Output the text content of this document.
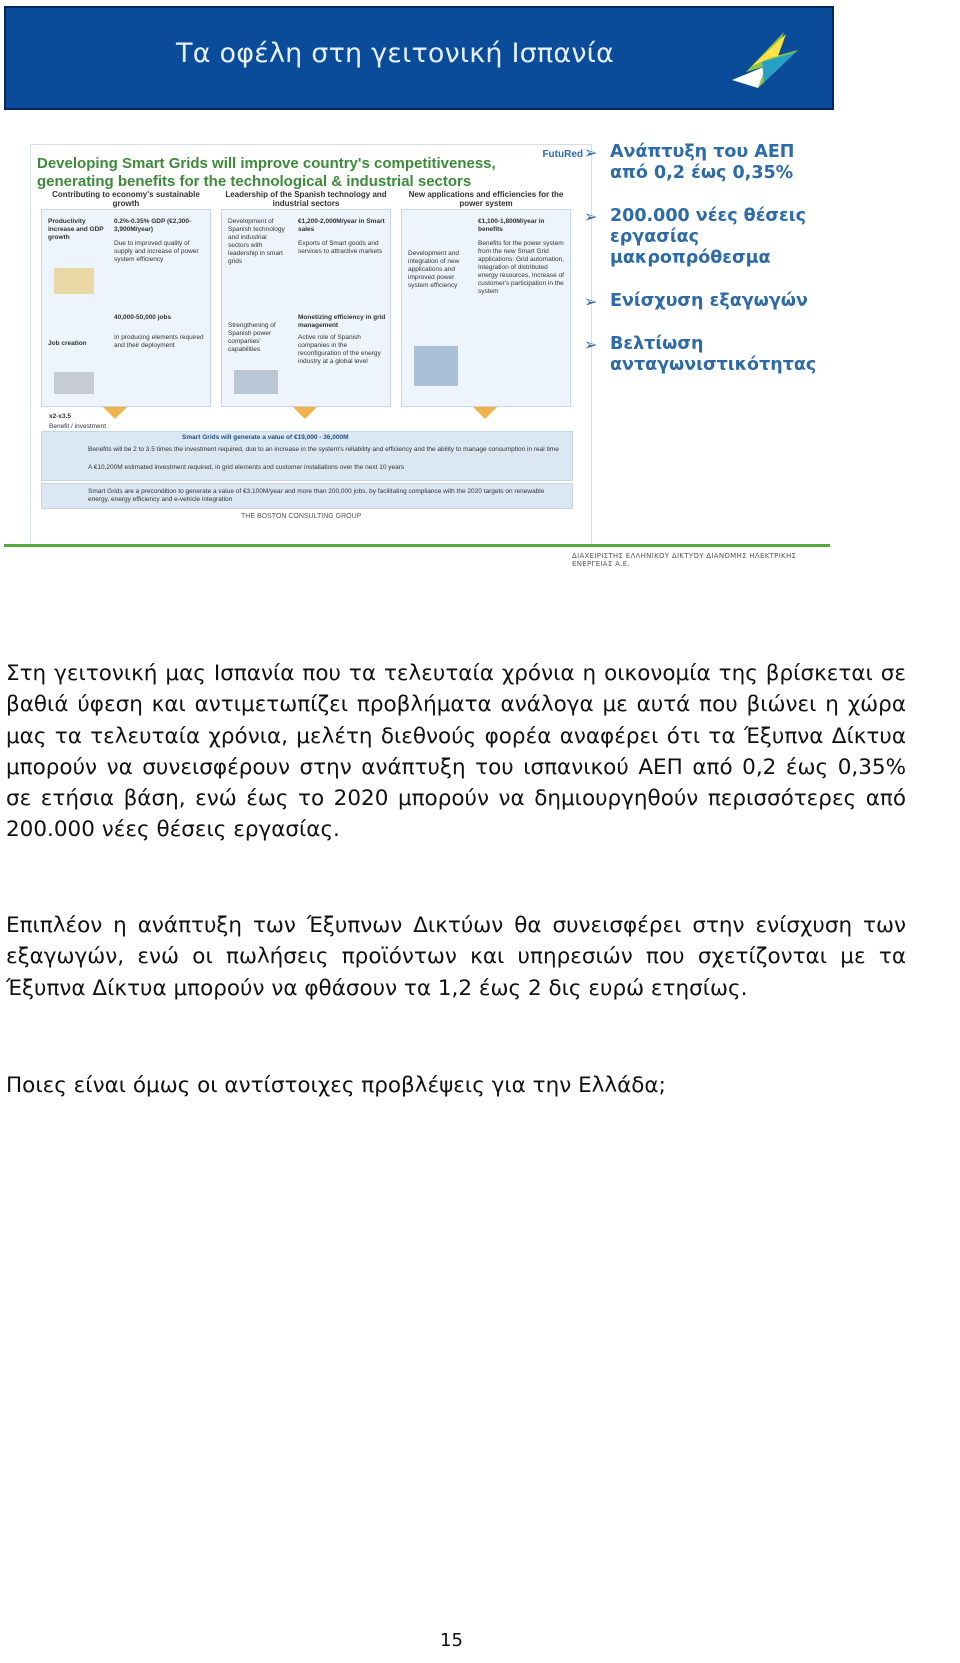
Τα οφέλη στη γειτονική Ισπανία
Developing Smart Grids will improve country's competitiveness, generating benefits for the technological & industrial sectors
FutuRed
Contributing to economy's sustainable growth
Productivity increase and GDP growth
0.2%-0.35% GDP (€2,300-3,900M/year)
Due to improved quality of supply and increase of power system efficiency
40,000-50,000 jobs
Job creation
In producing elements required and their deployment
Leadership of the Spanish technology and industrial sectors
Development of Spanish technology and industrial sectors with leadership in smart grids
€1,200-2,000M/year in Smart sales
Exports of Smart goods and services to attractive markets
Strengthening of Spanish power companies' capabilities
Monetizing efficiency in grid management
Active role of Spanish companies in the reconfiguration of the energy industry at a global level
New applications and efficiencies for the power system
€1,100-1,800M/year in benefits
Development and integration of new applications and improved power system efficiency
Benefits for the power system from the new Smart Grid applications: Grid automation, Integration of distributed energy resources, Increase of customer's participation in the system
x2-x3.5
Benefit / investment
Smart Grids will generate a value of €19,000 - 36,000M
Benefits will be 2 to 3.5 times the investment required, due to an increase in the system's reliability and efficiency and the ability to manage consumption in real time
A €10,200M estimated investment required, in grid elements and customer installations over the next 10 years
Smart Grids are a precondition to generate a value of €3,100M/year and more than 200,000 jobs, by facilitating compliance with the 2020 targets on renewable energy, energy efficiency and e-vehicle integration
THE BOSTON CONSULTING GROUP
➢ Ανάπτυξη του ΑΕΠ από 0,2 έως 0,35%
➢ 200.000 νέες θέσεις εργασίας μακροπρόθεσμα
➢ Ενίσχυση εξαγωγών
➢ Βελτίωση ανταγωνιστικότητας
ΔΙΑΧΕΙΡΙΣΤΗΣ ΕΛΛΗΝΙΚΟΥ ΔΙΚΤΥΟΥ ΔΙΑΝΟΜΗΣ ΗΛΕΚΤΡΙΚΗΣ ΕΝΕΡΓΕΙΑΣ Α.Ε.
Στη γειτονική μας Ισπανία που τα τελευταία χρόνια η οικονομία της βρίσκεται σε βαθιά ύφεση και αντιμετωπίζει προβλήματα ανάλογα με αυτά που βιώνει η χώρα μας τα τελευταία χρόνια, μελέτη διεθνούς φορέα αναφέρει ότι τα Έξυπνα Δίκτυα μπορούν να συνεισφέρουν στην ανάπτυξη του ισπανικού ΑΕΠ από 0,2 έως 0,35% σε ετήσια βάση, ενώ έως το 2020 μπορούν να δημιουργηθούν περισσότερες από 200.000 νέες θέσεις εργασίας.
Επιπλέον η ανάπτυξη των Έξυπνων Δικτύων θα συνεισφέρει στην ενίσχυση των εξαγωγών, ενώ οι πωλήσεις προϊόντων και υπηρεσιών που σχετίζονται με τα Έξυπνα Δίκτυα μπορούν να φθάσουν τα 1,2 έως 2 δις ευρώ ετησίως.
Ποιες είναι όμως οι αντίστοιχες προβλέψεις για την Ελλάδα;
15
